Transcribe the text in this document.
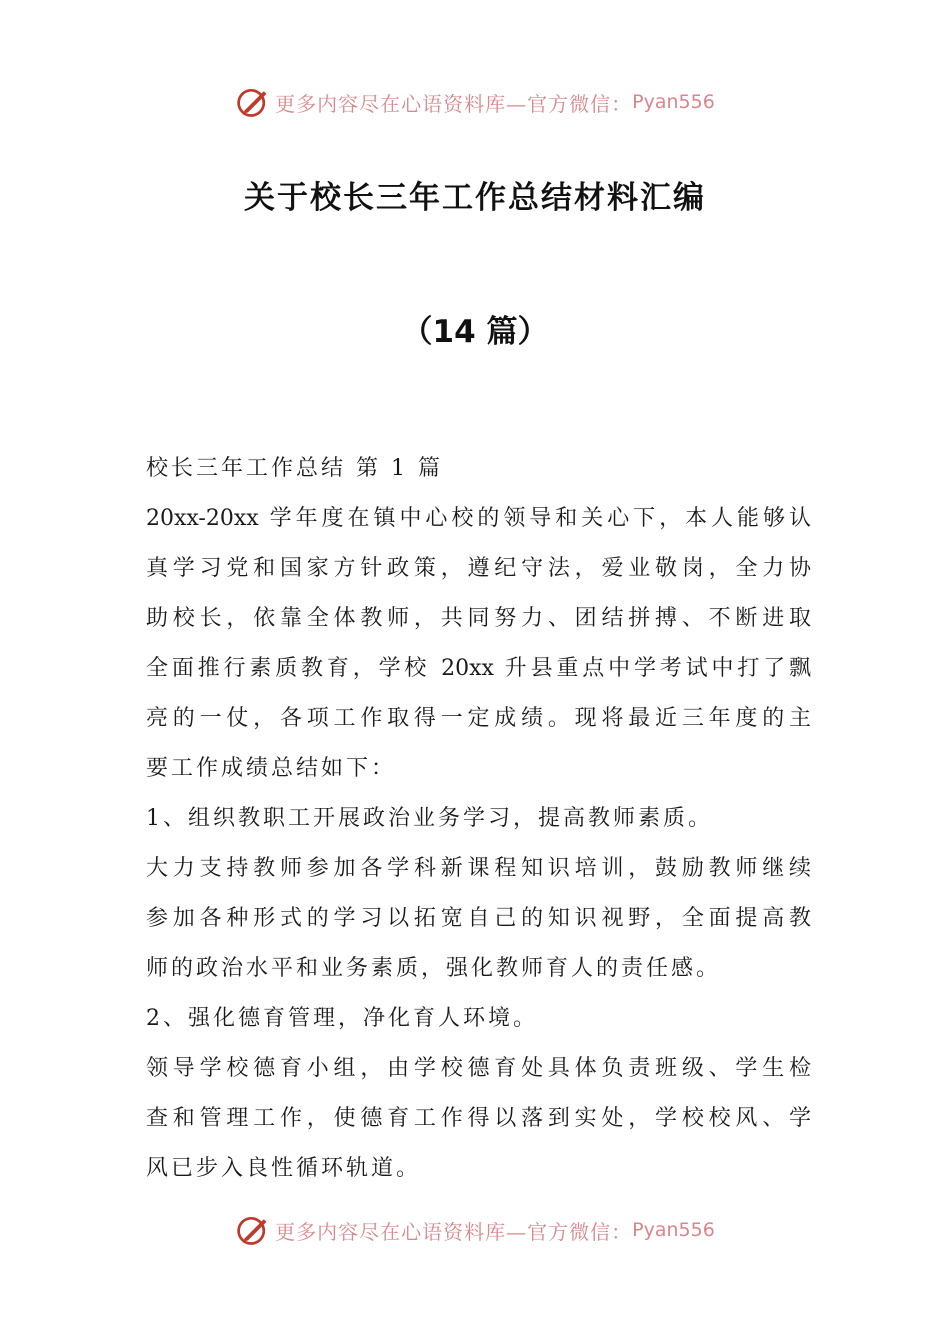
更多内容尽在心语资料库—官方微信： Pyan556
关于校长三年工作总结材料汇编
（14 篇）
校长三年工作总结 第 1 篇
20xx-20xx 学年度在镇中心校的领导和关心下，本人能够认
真学习党和国家方针政策，遵纪守法，爱业敬岗，全力协
助校长，依靠全体教师，共同努力、团结拼搏、不断进取
全面推行素质教育，学校 20xx 升县重点中学考试中打了飘
亮的一仗，各项工作取得一定成绩。现将最近三年度的主
要工作成绩总结如下：
1、组织教职工开展政治业务学习，提高教师素质。
大力支持教师参加各学科新课程知识培训，鼓励教师继续
参加各种形式的学习以拓宽自己的知识视野，全面提高教
师的政治水平和业务素质，强化教师育人的责任感。
2、强化德育管理，净化育人环境。
领导学校德育小组，由学校德育处具体负责班级、学生检
查和管理工作，使德育工作得以落到实处，学校校风、学
风已步入良性循环轨道。
更多内容尽在心语资料库—官方微信： Pyan556
